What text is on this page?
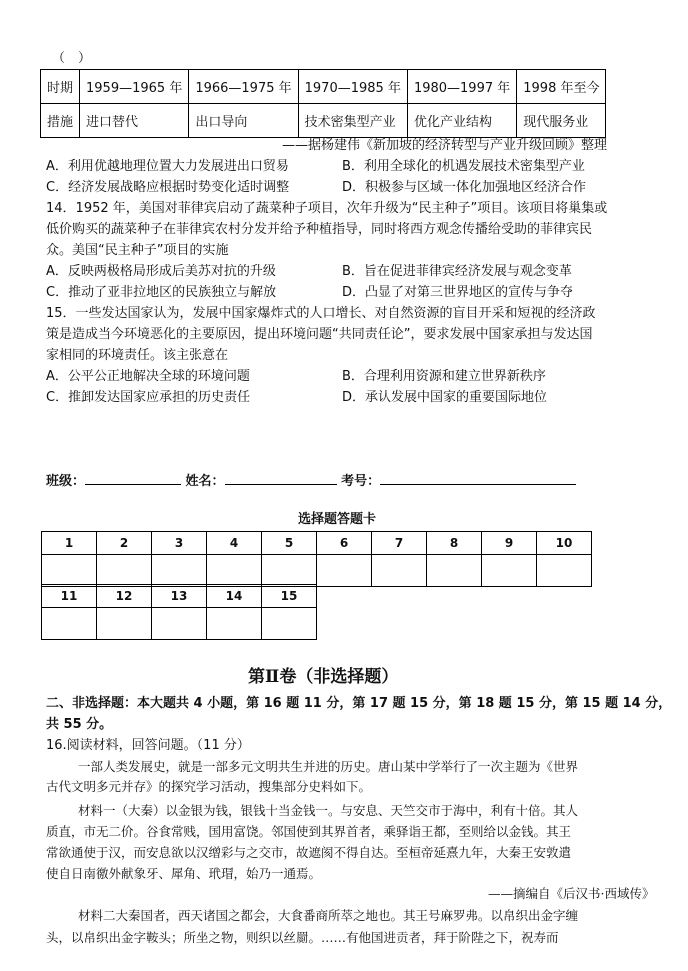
（　）
时期	1959—1965 年	1966—1975 年	1970—1985 年	1980—1997 年	1998 年至今
措施	进口替代	出口导向	技术密集型产业	优化产业结构	现代服务业
——据杨建伟《新加坡的经济转型与产业升级回顾》整理
A．利用优越地理位置大力发展进出口贸易	B．利用全球化的机遇发展技术密集型产业
C．经济发展战略应根据时势变化适时调整	D．积极参与区域一体化加强地区经济合作
14．1952 年，美国对菲律宾启动了蔬菜种子项目，次年升级为“民主种子”项目。该项目将巢集或
低价购买的蔬菜种子在菲律宾农村分发并给予种植指导，同时将西方观念传播给受助的菲律宾民
众。美国“民主种子”项目的实施
A．反映两极格局形成后美苏对抗的升级	B．旨在促进菲律宾经济发展与观念变革
C．推动了亚非拉地区的民族独立与解放	D．凸显了对第三世界地区的宣传与争夺
15．一些发达国家认为，发展中国家爆炸式的人口增长、对自然资源的盲目开采和短视的经济政
策是造成当今环境恶化的主要原因，提出环境问题“共同责任论”，要求发展中国家承担与发达国
家相同的环境责任。该主张意在
A．公平公正地解决全球的环境问题	B．合理利用资源和建立世界新秩序
C．推卸发达国家应承担的历史责任	D．承认发展中国家的重要国际地位
班级：	姓名：	考号：
选择题答题卡
1	2	3	4	5	6	7	8	9	10

11	12	13	14	15

第Ⅱ卷（非选择题）
二、非选择题：本大题共 4 小题，第 16 题 11 分，第 17 题 15 分，第 18 题 15 分，第 15 题 14 分，
共 55 分。
16.阅读材料，回答问题。（11 分）
一部人类发展史，就是一部多元文明共生并进的历史。唐山某中学举行了一次主题为《世界
古代文明多元并存》的探究学习活动，搜集部分史料如下。
材料一（大秦）以金银为钱，银钱十当金钱一。与安息、天竺交市于海中，利有十倍。其人
质直，市无二价。谷食常贱，国用富饶。邻国使到其界首者，乘驿诣王都，至则给以金钱。其王
常欲通使于汉，而安息欲以汉缯彩与之交市，故遮阂不得自达。至桓帝延熹九年，大秦王安敦遣
使自日南徼外献象牙、犀角、玳瑁，始乃一通焉。
——摘编自《后汉书·西域传》
材料二大秦国者，西天诸国之都会，大食番商所萃之地也。其王号麻罗弗。以帛织出金字缠
头，以帛织出金字鞍头；所坐之物，则织以丝罽。……有他国进贡者，拜于阶陛之下，祝寿而
